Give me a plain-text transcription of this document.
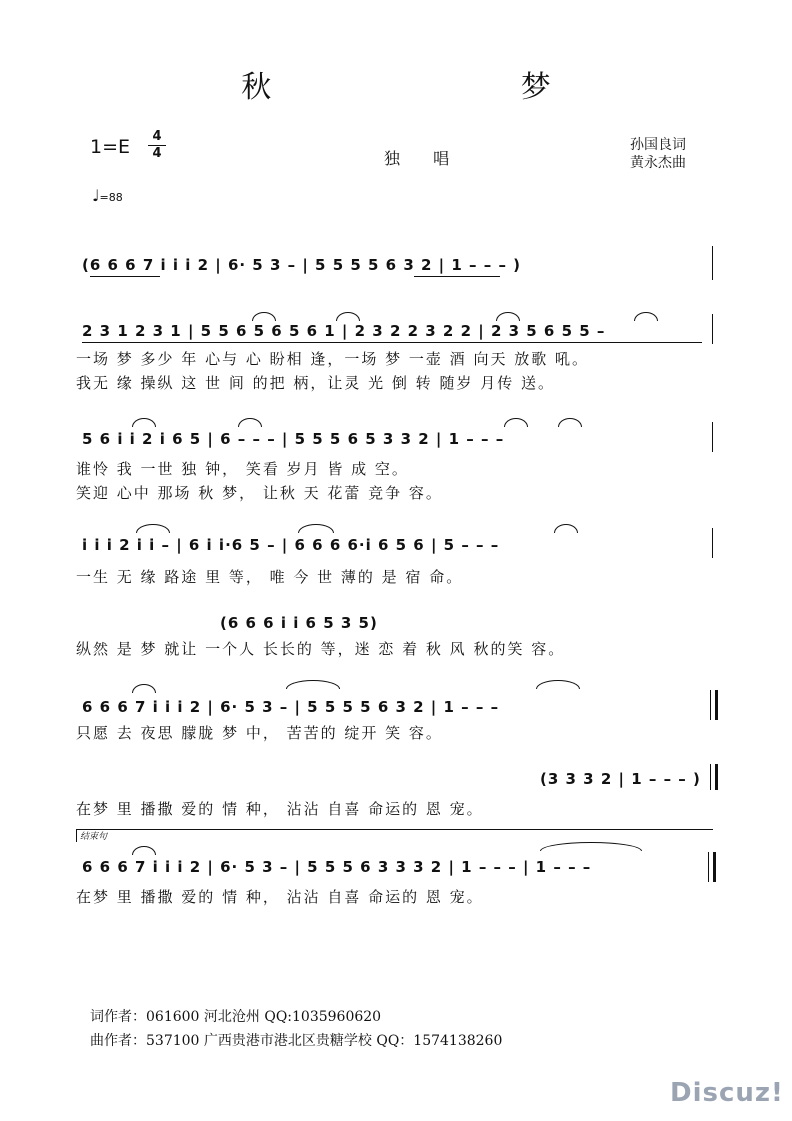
秋 梦
1=E	4
4	独 唱
孙国良词
黄永杰曲
♩=88
(6 6 6 7 i i i 2 | 6· 5 3 – | 5 5 5 5 6 3 2 | 1 – – – )
2 3 1 2 3 1 | 5 5 6 5 6 5 6 1 | 2 3 2 2 3 2 2 | 2 3 5 6 5 5 –
一场 梦 多少 年 心与 心 盼相 逢，一场 梦 一壶 酒 向天 放歌 吼。
我无 缘 操纵 这 世 间 的把 柄，让灵 光 倒 转 随岁 月传 送。
5 6 i i 2 i 6 5 | 6 – – – | 5 5 5 6 5 3 3 2 | 1 – – –
谁怜 我 一世 独 钟， 笑看 岁月 皆 成 空。
笑迎 心中 那场 秋 梦， 让秋 天 花蕾 竞争 容。
i i i 2 i i – | 6 i i·6 5 – | 6 6 6 6·i 6 5 6 | 5 – – –
一生 无 缘 路途 里 等， 唯 今 世 薄的 是 宿 命。
(6 6 6 i i 6 5 3 5)
纵然 是 梦 就让 一个人 长长的 等，迷 恋 着 秋 风 秋的笑 容。
6 6 6 7 i i i 2 | 6· 5 3 – | 5 5 5 5 6 3 2 | 1 – – –
只愿 去 夜思 朦胧 梦 中， 苦苦的 绽开 笑 容。
(3 3 3 2 | 1 – – – )
在梦 里 播撒 爱的 情 种， 沾沾 自喜 命运的 恩 宠。
结束句
6 6 6 7 i i i 2 | 6· 5 3 – | 5 5 5 6 3 3 3 2 | 1 – – – | 1 – – –
在梦 里 播撒 爱的 情 种， 沾沾 自喜 命运的 恩 宠。
词作者：061600 河北沧州 QQ:1035960620
曲作者：537100 广西贵港市港北区贵糖学校 QQ：1574138260
Discuz!
